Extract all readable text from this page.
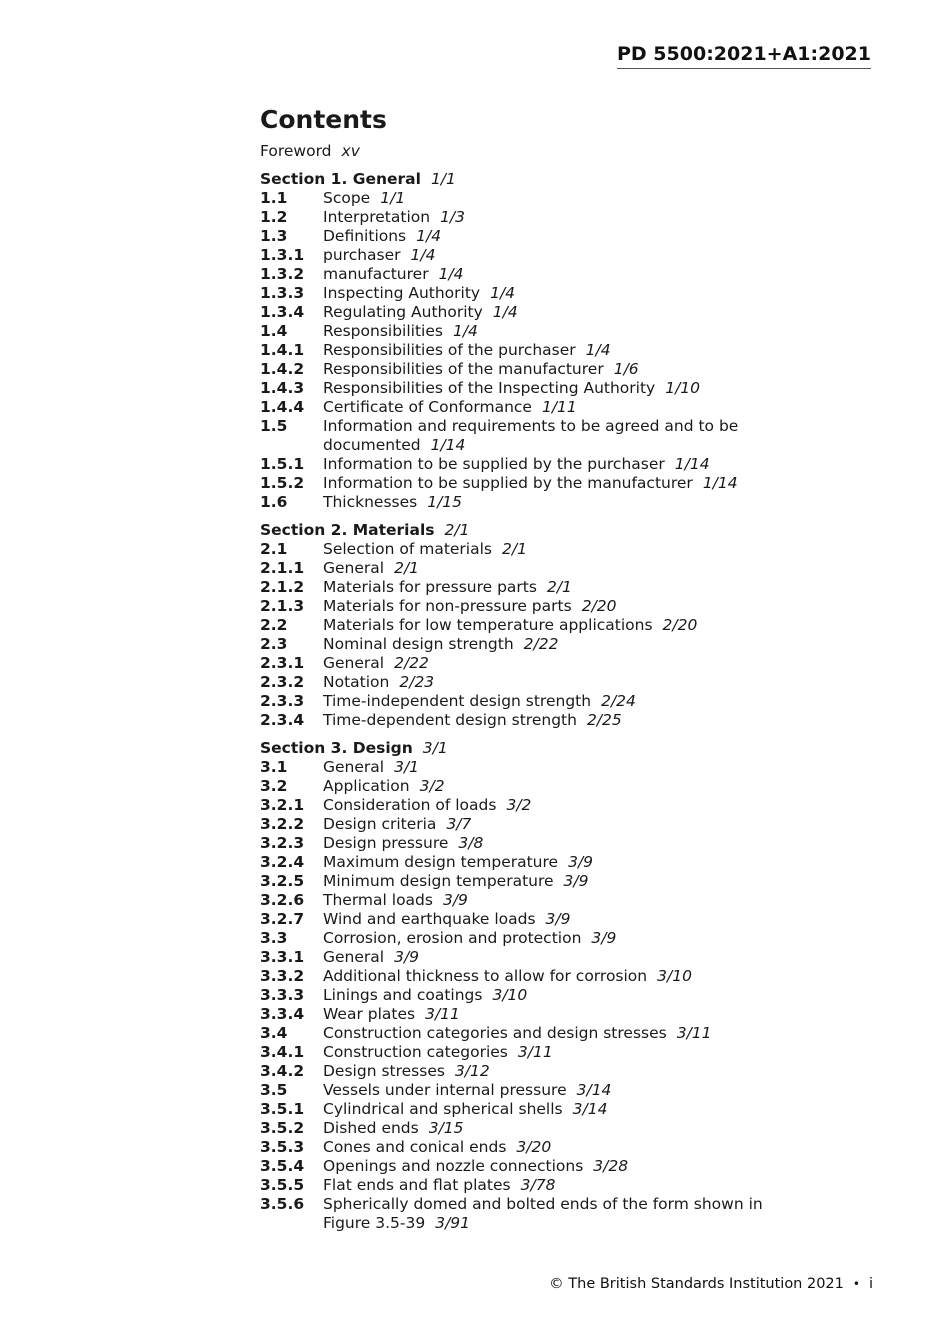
PD 5500:2021+A1:2021
Contents
Foreword xv
Section 1. General 1/1
1.1	Scope 1/1
1.2	Interpretation 1/3
1.3	Definitions 1/4
1.3.1	purchaser 1/4
1.3.2	manufacturer 1/4
1.3.3	Inspecting Authority 1/4
1.3.4	Regulating Authority 1/4
1.4	Responsibilities 1/4
1.4.1	Responsibilities of the purchaser 1/4
1.4.2	Responsibilities of the manufacturer 1/6
1.4.3	Responsibilities of the Inspecting Authority 1/10
1.4.4	Certificate of Conformance 1/11
1.5	Information and requirements to be agreed and to be documented 1/14
1.5.1	Information to be supplied by the purchaser 1/14
1.5.2	Information to be supplied by the manufacturer 1/14
1.6	Thicknesses 1/15
Section 2. Materials 2/1
2.1	Selection of materials 2/1
2.1.1	General 2/1
2.1.2	Materials for pressure parts 2/1
2.1.3	Materials for non-pressure parts 2/20
2.2	Materials for low temperature applications 2/20
2.3	Nominal design strength 2/22
2.3.1	General 2/22
2.3.2	Notation 2/23
2.3.3	Time-independent design strength 2/24
2.3.4	Time-dependent design strength 2/25
Section 3. Design 3/1
3.1	General 3/1
3.2	Application 3/2
3.2.1	Consideration of loads 3/2
3.2.2	Design criteria 3/7
3.2.3	Design pressure 3/8
3.2.4	Maximum design temperature 3/9
3.2.5	Minimum design temperature 3/9
3.2.6	Thermal loads 3/9
3.2.7	Wind and earthquake loads 3/9
3.3	Corrosion, erosion and protection 3/9
3.3.1	General 3/9
3.3.2	Additional thickness to allow for corrosion 3/10
3.3.3	Linings and coatings 3/10
3.3.4	Wear plates 3/11
3.4	Construction categories and design stresses 3/11
3.4.1	Construction categories 3/11
3.4.2	Design stresses 3/12
3.5	Vessels under internal pressure 3/14
3.5.1	Cylindrical and spherical shells 3/14
3.5.2	Dished ends 3/15
3.5.3	Cones and conical ends 3/20
3.5.4	Openings and nozzle connections 3/28
3.5.5	Flat ends and flat plates 3/78
3.5.6	Spherically domed and bolted ends of the form shown in Figure 3.5-39 3/91
© The British Standards Institution 2021 • i
